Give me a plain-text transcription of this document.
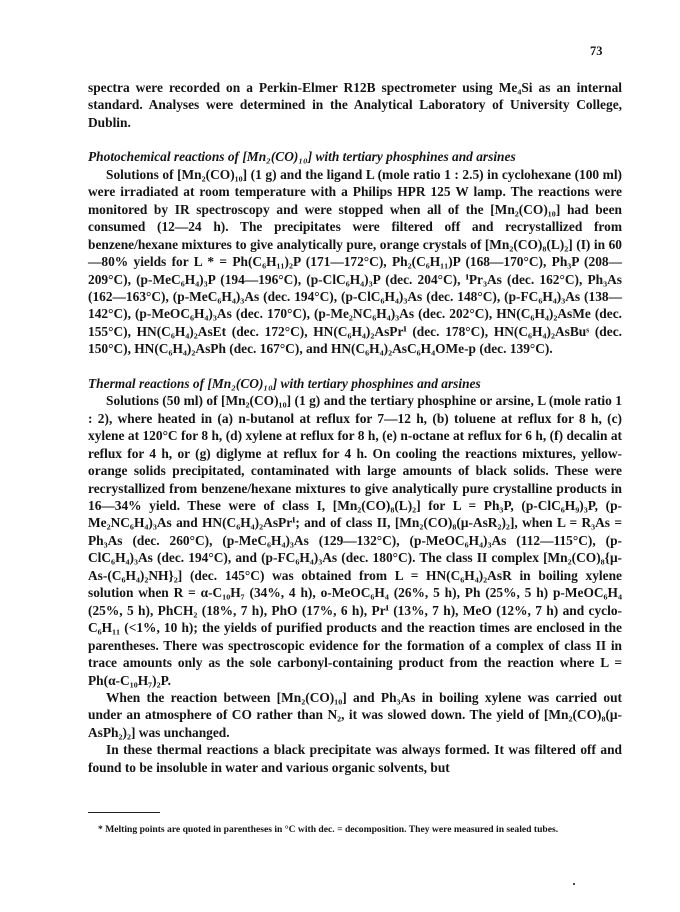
73

spectra were recorded on a Perkin-Elmer R12B spectrometer using Me₄Si as an internal standard. Analyses were determined in the Analytical Laboratory of University College, Dublin.

Photochemical reactions of [Mn₂(CO)₁₀] with tertiary phosphines and arsines

Solutions of [Mn₂(CO)₁₀] (1 g) and the ligand L (mole ratio 1 : 2.5) in cyclohexane (100 ml) were irradiated at room temperature with a Philips HPR 125 W lamp. The reactions were monitored by IR spectroscopy and were stopped when all of the [Mn₂(CO)₁₀] had been consumed (12—24 h). The precipitates were filtered off and recrystallized from benzene/hexane mixtures to give analytically pure, orange crystals of [Mn₂(CO)₈(L)₂] (I) in 60—80% yields for L * = Ph(C₆H₁₁)₂P (171—172°C), Ph₂(C₆H₁₁)P (168—170°C), Ph₃P (208—209°C), (p-MeC₆H₄)₃P (194—196°C), (p-ClC₆H₄)₃P (dec. 204°C), ⁱPr₃As (dec. 162°C), Ph₃As (162—163°C), (p-MeC₆H₄)₃As (dec. 194°C), (p-ClC₆H₄)₃As (dec. 148°C), (p-FC₆H₄)₃As (138—142°C), (p-MeOC₆H₄)₃As (dec. 170°C), (p-Me₂NC₆H₄)₃As (dec. 202°C), HN(C₆H₄)₂AsMe (dec. 155°C), HN(C₆H₄)₂AsEt (dec. 172°C), HN(C₆H₄)₂AsPrⁱ (dec. 178°C), HN(C₆H₄)₂AsBuˢ (dec. 150°C), HN(C₆H₄)₂AsPh (dec. 167°C), and HN(C₆H₄)₂AsC₆H₄OMe-p (dec. 139°C).

Thermal reactions of [Mn₂(CO)₁₀] with tertiary phosphines and arsines

Solutions (50 ml) of [Mn₂(CO)₁₀] (1 g) and the tertiary phosphine or arsine, L (mole ratio 1 : 2), where heated in (a) n-butanol at reflux for 7—12 h, (b) toluene at reflux for 8 h, (c) xylene at 120°C for 8 h, (d) xylene at reflux for 8 h, (e) n-octane at reflux for 6 h, (f) decalin at reflux for 4 h, or (g) diglyme at reflux for 4 h. On cooling the reactions mixtures, yellow-orange solids precipitated, contaminated with large amounts of black solids. These were recrystallized from benzene/hexane mixtures to give analytically pure crystalline products in 16—34% yield. These were of class I, [Mn₂(CO)₈(L)₂] for L = Ph₃P, (p-ClC₆H₉)₃P, (p-Me₂NC₆H₄)₃As and HN(C₆H₄)₂AsPrⁱ; and of class II, [Mn₂(CO)₈(μ-AsR₂)₂], when L = R₃As = Ph₃As (dec. 260°C), (p-MeC₆H₄)₃As (129—132°C), (p-MeOC₆H₄)₃As (112—115°C), (p-ClC₆H₄)₃As (dec. 194°C), and (p-FC₆H₄)₃As (dec. 180°C). The class II complex [Mn₂(CO)₈{μ-As-(C₆H₄)₂NH}₂] (dec. 145°C) was obtained from L = HN(C₆H₄)₂AsR in boiling xylene solution when R = α-C₁₀H₇ (34%, 4 h), o-MeOC₆H₄ (26%, 5 h), Ph (25%, 5 h) p-MeOC₆H₄ (25%, 5 h), PhCH₂ (18%, 7 h), PhO (17%, 6 h), Prⁱ (13%, 7 h), MeO (12%, 7 h) and cyclo-C₆H₁₁ (<1%, 10 h); the yields of purified products and the reaction times are enclosed in the parentheses. There was spectroscopic evidence for the formation of a complex of class II in trace amounts only as the sole carbonyl-containing product from the reaction where L = Ph(α-C₁₀H₇)₂P.

When the reaction between [Mn₂(CO)₁₀] and Ph₃As in boiling xylene was carried out under an atmosphere of CO rather than N₂, it was slowed down. The yield of [Mn₂(CO)₈(μ-AsPh₂)₂] was unchanged.

In these thermal reactions a black precipitate was always formed. It was filtered off and found to be insoluble in water and various organic solvents, but

* Melting points are quoted in parentheses in °C with dec. = decomposition. They were measured in sealed tubes.
